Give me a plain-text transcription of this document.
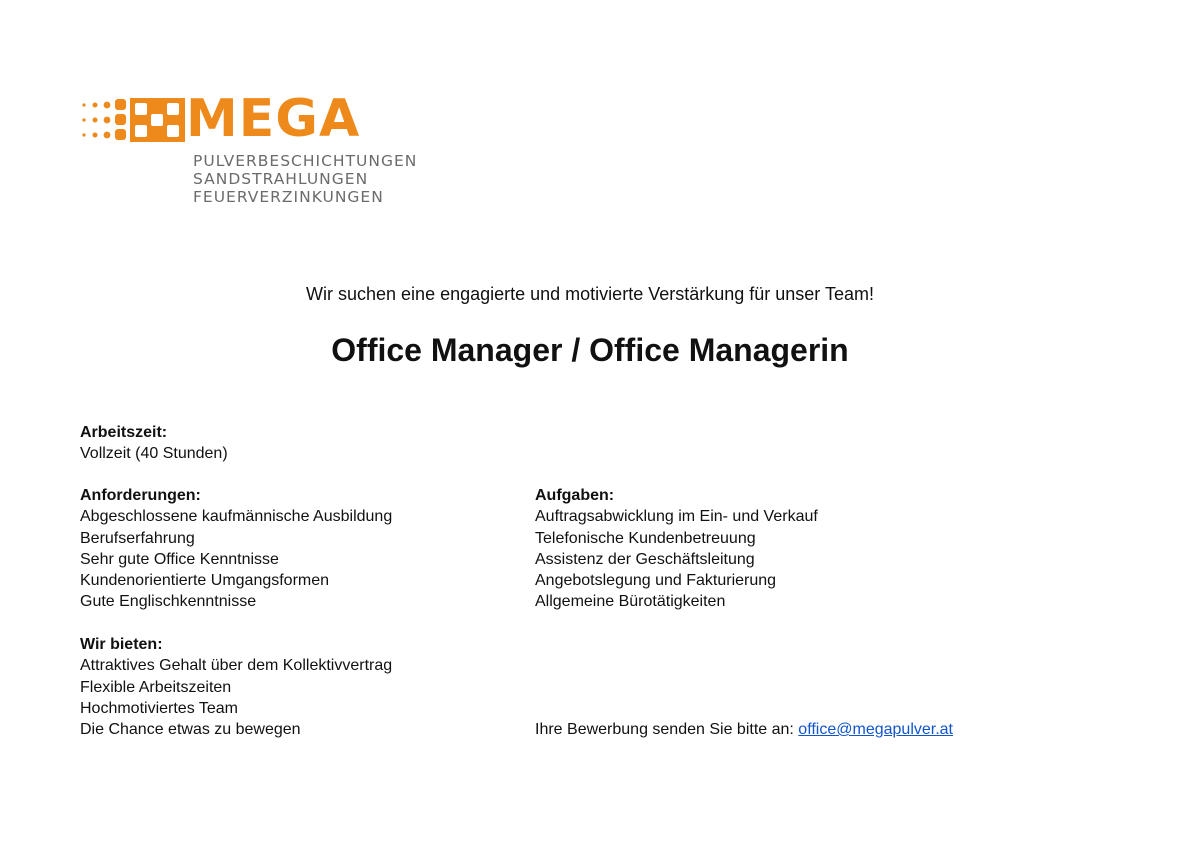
MEGA
PULVERBESCHICHTUNGEN
SANDSTRAHLUNGEN
FEUERVERZINKUNGEN
Wir suchen eine engagierte und motivierte Verstärkung für unser Team!
Office Manager / Office Managerin
Arbeitszeit:
Vollzeit (40 Stunden)
Anforderungen:
Abgeschlossene kaufmännische Ausbildung
Berufserfahrung
Sehr gute Office Kenntnisse
Kundenorientierte Umgangsformen
Gute Englischkenntnisse
Aufgaben:
Auftragsabwicklung im Ein- und Verkauf
Telefonische Kundenbetreuung
Assistenz der Geschäftsleitung
Angebotslegung und Fakturierung
Allgemeine Bürotätigkeiten
Wir bieten:
Attraktives Gehalt über dem Kollektivvertrag
Flexible Arbeitszeiten
Hochmotiviertes Team
Die Chance etwas zu bewegen	Ihre Bewerbung senden Sie bitte an: office@megapulver.at
